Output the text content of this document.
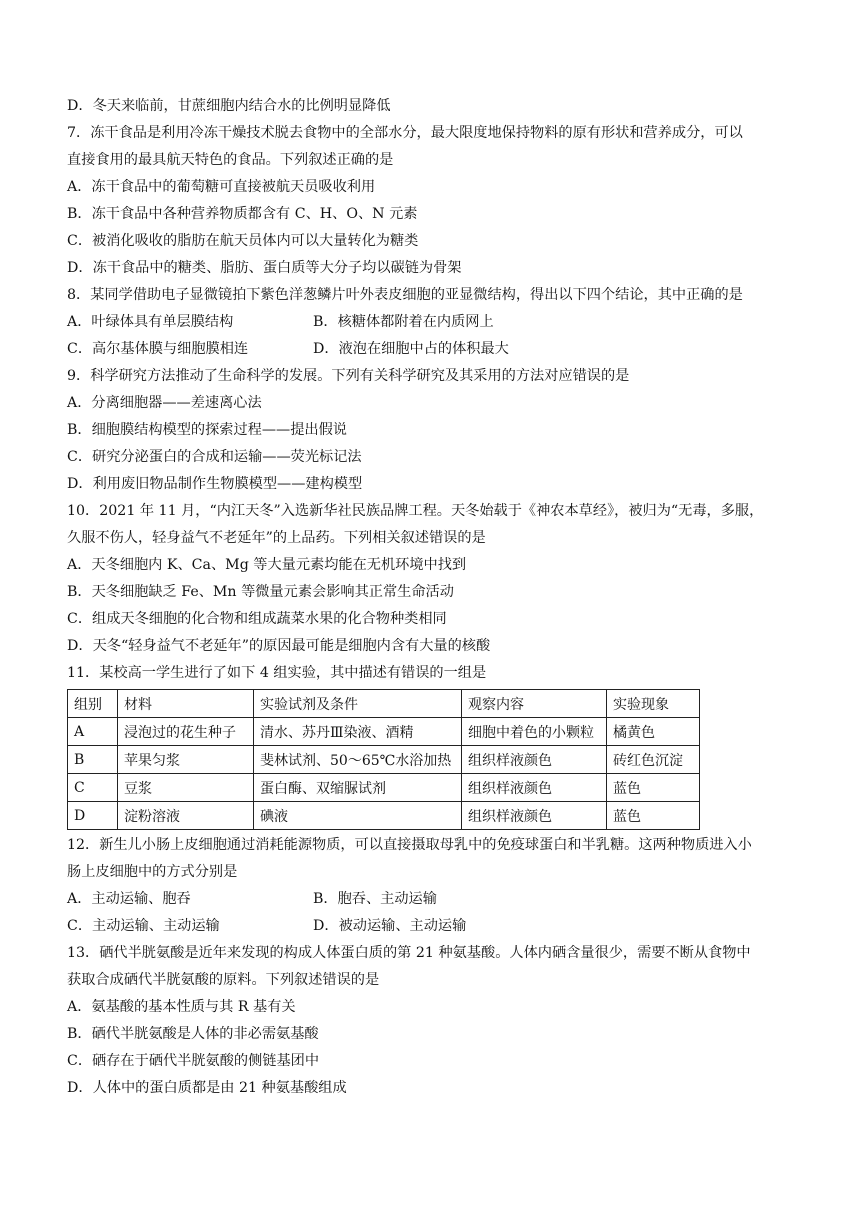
D．冬天来临前，甘蔗细胞内结合水的比例明显降低
7．冻干食品是利用冷冻干燥技术脱去食物中的全部水分，最大限度地保持物料的原有形状和营养成分，可以
直接食用的最具航天特色的食品。下列叙述正确的是
A．冻干食品中的葡萄糖可直接被航天员吸收利用
B．冻干食品中各种营养物质都含有 C、H、O、N 元素
C．被消化吸收的脂肪在航天员体内可以大量转化为糖类
D．冻干食品中的糖类、脂肪、蛋白质等大分子均以碳链为骨架
8．某同学借助电子显微镜拍下紫色洋葱鳞片叶外表皮细胞的亚显微结构，得出以下四个结论，其中正确的是
A．叶绿体具有单层膜结构	B．核糖体都附着在内质网上
C．高尔基体膜与细胞膜相连	D．液泡在细胞中占的体积最大
9．科学研究方法推动了生命科学的发展。下列有关科学研究及其采用的方法对应错误的是
A．分离细胞器——差速离心法
B．细胞膜结构模型的探索过程——提出假说
C．研究分泌蛋白的合成和运输——荧光标记法
D．利用废旧物品制作生物膜模型——建构模型
10．2021 年 11 月，“内江天冬”入选新华社民族品牌工程。天冬始载于《神农本草经》，被归为“无毒，多服，
久服不伤人，轻身益气不老延年”的上品药。下列相关叙述错误的是
A．天冬细胞内 K、Ca、Mg 等大量元素均能在无机环境中找到
B．天冬细胞缺乏 Fe、Mn 等微量元素会影响其正常生命活动
C．组成天冬细胞的化合物和组成蔬菜水果的化合物种类相同
D．天冬“轻身益气不老延年”的原因最可能是细胞内含有大量的核酸
11．某校高一学生进行了如下 4 组实验，其中描述有错误的一组是
组别	材料	实验试剂及条件	观察内容	实验现象
A	浸泡过的花生种子	清水、苏丹Ⅲ染液、酒精	细胞中着色的小颗粒	橘黄色
B	苹果匀浆	斐林试剂、50～65℃水浴加热	组织样液颜色	砖红色沉淀
C	豆浆	蛋白酶、双缩脲试剂	组织样液颜色	蓝色
D	淀粉溶液	碘液	组织样液颜色	蓝色
12．新生儿小肠上皮细胞通过消耗能源物质，可以直接摄取母乳中的免疫球蛋白和半乳糖。这两种物质进入小
肠上皮细胞中的方式分别是
A．主动运输、胞吞	B．胞吞、主动运输
C．主动运输、主动运输	D．被动运输、主动运输
13．硒代半胱氨酸是近年来发现的构成人体蛋白质的第 21 种氨基酸。人体内硒含量很少，需要不断从食物中
获取合成硒代半胱氨酸的原料。下列叙述错误的是
A．氨基酸的基本性质与其 R 基有关
B．硒代半胱氨酸是人体的非必需氨基酸
C．硒存在于硒代半胱氨酸的侧链基团中
D．人体中的蛋白质都是由 21 种氨基酸组成
